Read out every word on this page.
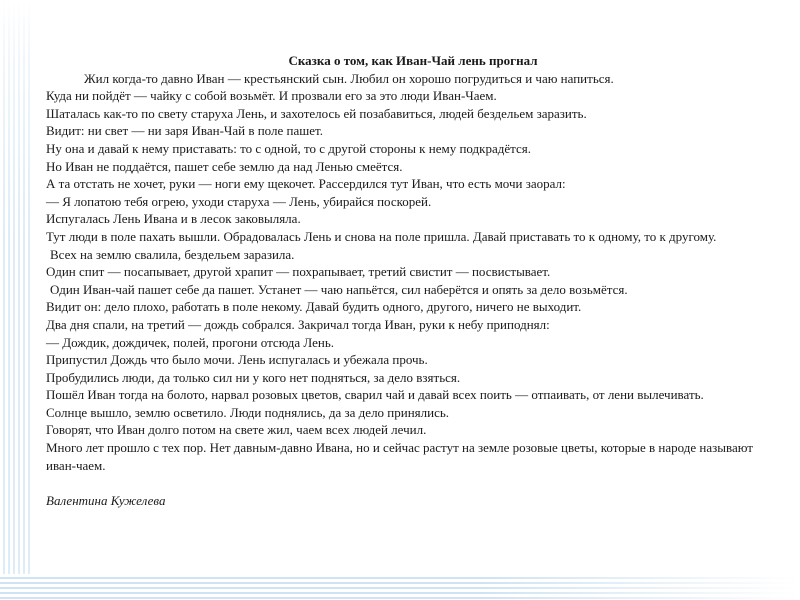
Сказка о том, как Иван-Чай лень прогнал

Жил когда-то давно Иван — крестьянский сын. Любил он хорошо погрудиться и чаю напиться.

Куда ни пойдёт — чайку с собой возьмёт. И прозвали его за это люди Иван-Чаем.

Шаталась как-то по свету старуха Лень, и захотелось ей позабавиться, людей бездельем заразить.

Видит: ни свет — ни заря Иван-Чай в поле пашет.

Ну она и давай к нему приставать: то с одной, то с другой стороны к нему подкрадётся.

Но Иван не поддаётся, пашет себе землю да над Ленью смеётся.

А та отстать не хочет, руки — ноги ему щекочет. Рассердился тут Иван, что есть мочи заорал:

— Я лопатою тебя огрею, уходи старуха — Лень, убирайся поскорей.

Испугалась Лень Ивана и в лесок заковыляла.

Тут люди в поле пахать вышли. Обрадовалась Лень и снова на поле пришла. Давай приставать то к одному, то к другому.

Всех на землю свалила, бездельем заразила.

Один спит — посапывает, другой храпит — похрапывает, третий свистит — посвистывает.

Один Иван-чай пашет себе да пашет. Устанет — чаю напьётся, сил наберётся и опять за дело возьмётся.

Видит он: дело плохо, работать в поле некому. Давай будить одного, другого, ничего не выходит.

Два дня спали, на третий — дождь собрался. Закричал тогда Иван, руки к небу приподнял:

— Дождик, дождичек, полей, прогони отсюда Лень.

Припустил Дождь что было мочи. Лень испугалась и убежала прочь.

Пробудились люди, да только сил ни у кого нет подняться, за дело взяться.

Пошёл Иван тогда на болото, нарвал розовых цветов, сварил чай и давай всех поить — отпаивать, от лени вылечивать.

Солнце вышло, землю осветило. Люди поднялись, да за дело принялись.

Говорят, что Иван долго потом на свете жил, чаем всех людей лечил.

Много лет прошло с тех пор. Нет давным-давно Ивана, но и сейчас растут на земле розовые цветы, которые в народе называют иван-чаем.

Валентина Кужелева
